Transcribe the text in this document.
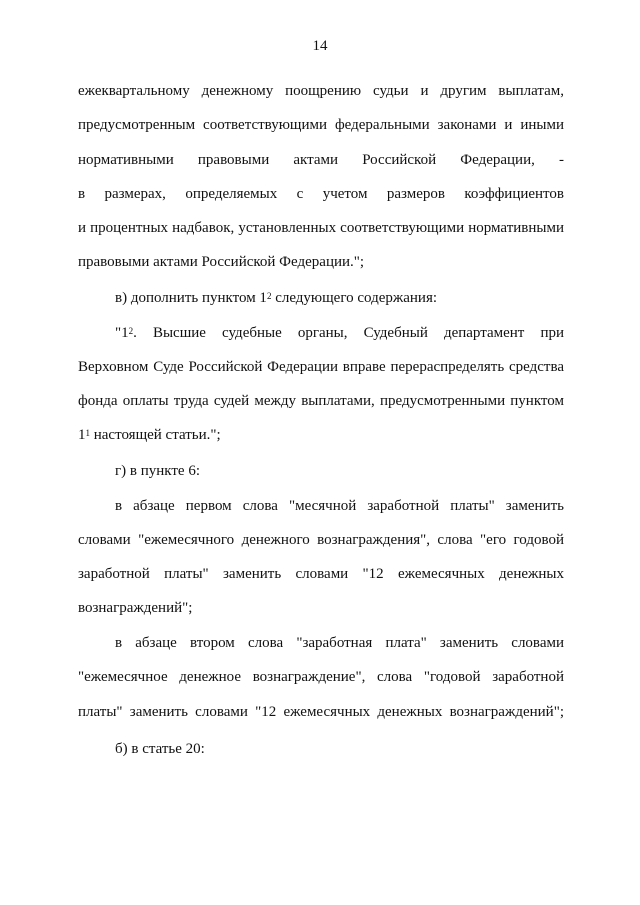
14
ежеквартальному денежному поощрению судьи и другим выплатам,
предусмотренным соответствующими федеральными законами и иными
нормативными правовыми актами Российской Федерации, -
в размерах, определяемых с учетом размеров коэффициентов
и процентных надбавок, установленных соответствующими нормативными
правовыми актами Российской Федерации.";
в) дополнить пунктом $1^2$ следующего содержания:
"$1^2$. Высшие судебные органы, Судебный департамент при
Верховном Суде Российской Федерации вправе перераспределять средства
фонда оплаты труда судей между выплатами, предусмотренными пунктом
$1^1$ настоящей статьи.";
г) в пункте 6:
в абзаце первом слова "месячной заработной платы" заменить
словами "ежемесячного денежного вознаграждения", слова "его годовой
заработной платы" заменить словами "12 ежемесячных денежных
вознаграждений";
в абзаце втором слова "заработная плата" заменить словами
"ежемесячное денежное вознаграждение", слова "годовой заработной
платы" заменить словами "12 ежемесячных денежных вознаграждений";
б) в статье 20:
